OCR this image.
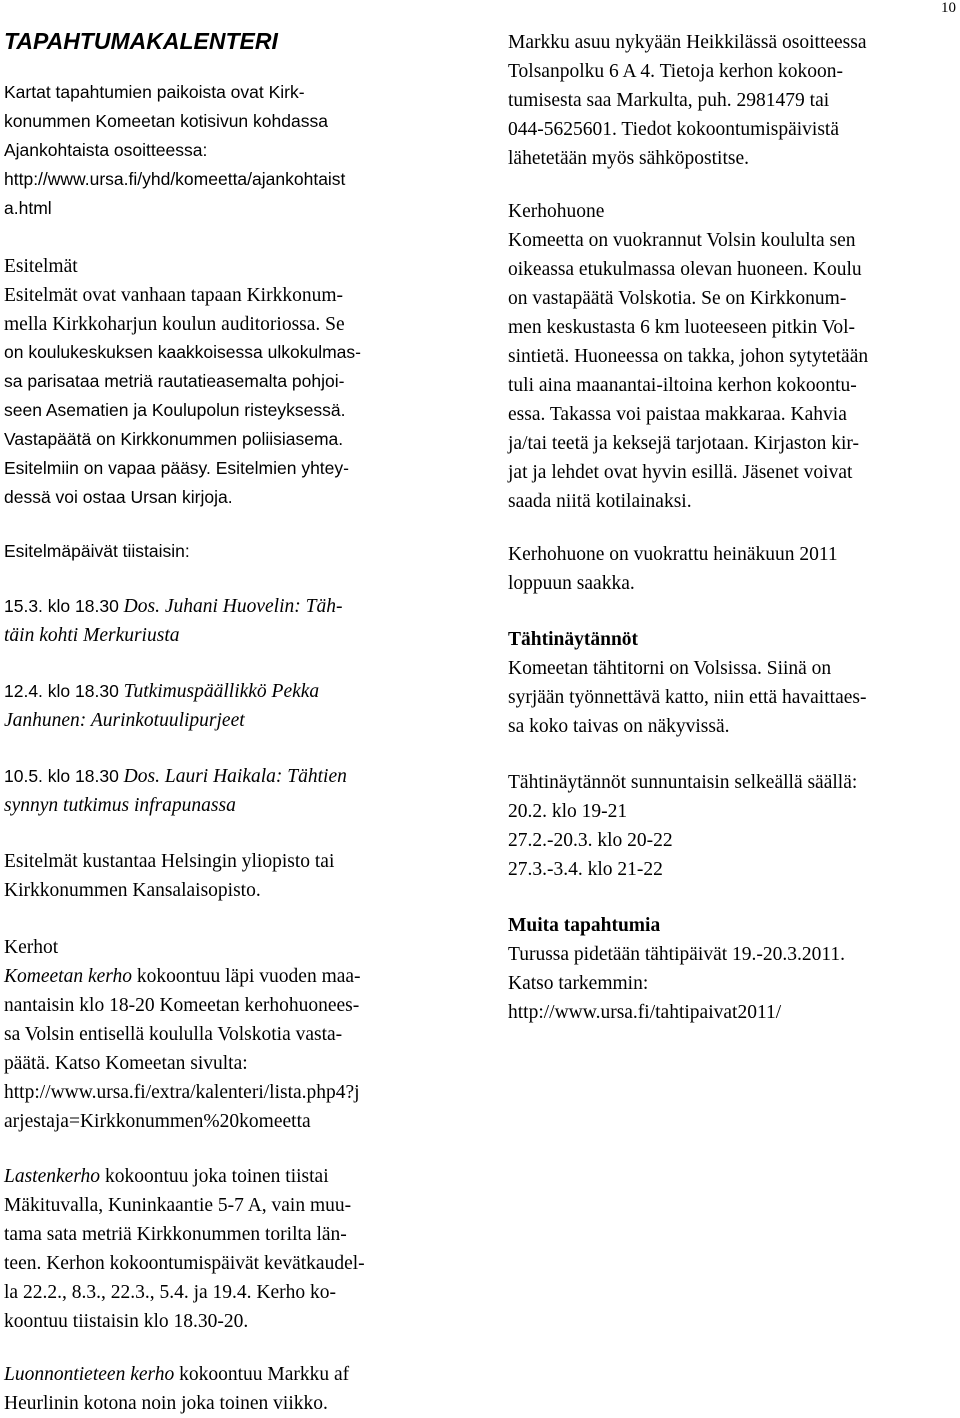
10
TAPAHTUMAKALENTERI
Kartat tapahtumien paikoista ovat Kirk-
konummen Komeetan kotisivun kohdassa
Ajankohtaista osoitteessa:
http://www.ursa.fi/yhd/komeetta/ajankohtaist
a.html
Esitelmät
Esitelmät ovat vanhaan tapaan Kirkkonum-
mella Kirkkoharjun koulun auditoriossa. Se
on koulukeskuksen kaakkoisessa ulkokulmas-
sa parisataa metriä rautatieasemalta pohjoi-
seen Asematien ja Koulupolun risteyksessä.
Vastapäätä on Kirkkonummen poliisiasema.
Esitelmiin on vapaa pääsy. Esitelmien yhtey-
dessä voi ostaa Ursan kirjoja.
Esitelmäpäivät tiistaisin:
15.3. klo 18.30 Dos. Juhani Huovelin: Täh-
täin kohti Merkuriusta
12.4. klo 18.30 Tutkimuspäällikkö Pekka
Janhunen: Aurinkotuulipurjeet
10.5. klo 18.30 Dos. Lauri Haikala: Tähtien
synnyn tutkimus infrapunassa
Esitelmät kustantaa Helsingin yliopisto tai
Kirkkonummen Kansalaisopisto.
Kerhot
Komeetan kerho kokoontuu läpi vuoden maa-
nantaisin klo 18-20 Komeetan kerhohuonees-
sa Volsin entisellä koululla Volskotia vasta-
päätä. Katso Komeetan sivulta:
http://www.ursa.fi/extra/kalenteri/lista.php4?j
arjestaja=Kirkkonummen%20komeetta
Lastenkerho kokoontuu joka toinen tiistai
Mäkituvalla, Kuninkaantie 5-7 A, vain muu-
tama sata metriä Kirkkonummen torilta län-
teen. Kerhon kokoontumispäivät kevätkaudel-
la 22.2., 8.3., 22.3., 5.4. ja 19.4. Kerho ko-
koontuu tiistaisin klo 18.30-20.
Luonnontieteen kerho kokoontuu Markku af
Heurlinin kotona noin joka toinen viikko.
Markku asuu nykyään Heikkilässä osoitteessa
Tolsanpolku 6 A 4. Tietoja kerhon kokoon-
tumisesta saa Markulta, puh. 2981479 tai
044-5625601. Tiedot kokoontumispäivistä
lähetetään myös sähköpostitse.
Kerhohuone
Komeetta on vuokrannut Volsin koululta sen
oikeassa etukulmassa olevan huoneen. Koulu
on vastapäätä Volskotia. Se on Kirkkonum-
men keskustasta 6 km luoteeseen pitkin Vol-
sintietä. Huoneessa on takka, johon sytytetään
tuli aina maanantai-iltoina kerhon kokoontu-
essa. Takassa voi paistaa makkaraa. Kahvia
ja/tai teetä ja keksejä tarjotaan. Kirjaston kir-
jat ja lehdet ovat hyvin esillä. Jäsenet voivat
saada niitä kotilainaksi.
Kerhohuone on vuokrattu heinäkuun 2011
loppuun saakka.
Tähtinäytännöt
Komeetan tähtitorni on Volsissa. Siinä on
syrjään työnnettävä katto, niin että havaittaes-
sa koko taivas on näkyvissä.
Tähtinäytännöt sunnuntaisin selkeällä säällä:
20.2. klo 19-21
27.2.-20.3. klo 20-22
27.3.-3.4. klo 21-22
Muita tapahtumia
Turussa pidetään tähtipäivät 19.-20.3.2011.
Katso tarkemmin:
http://www.ursa.fi/tahtipaivat2011/
